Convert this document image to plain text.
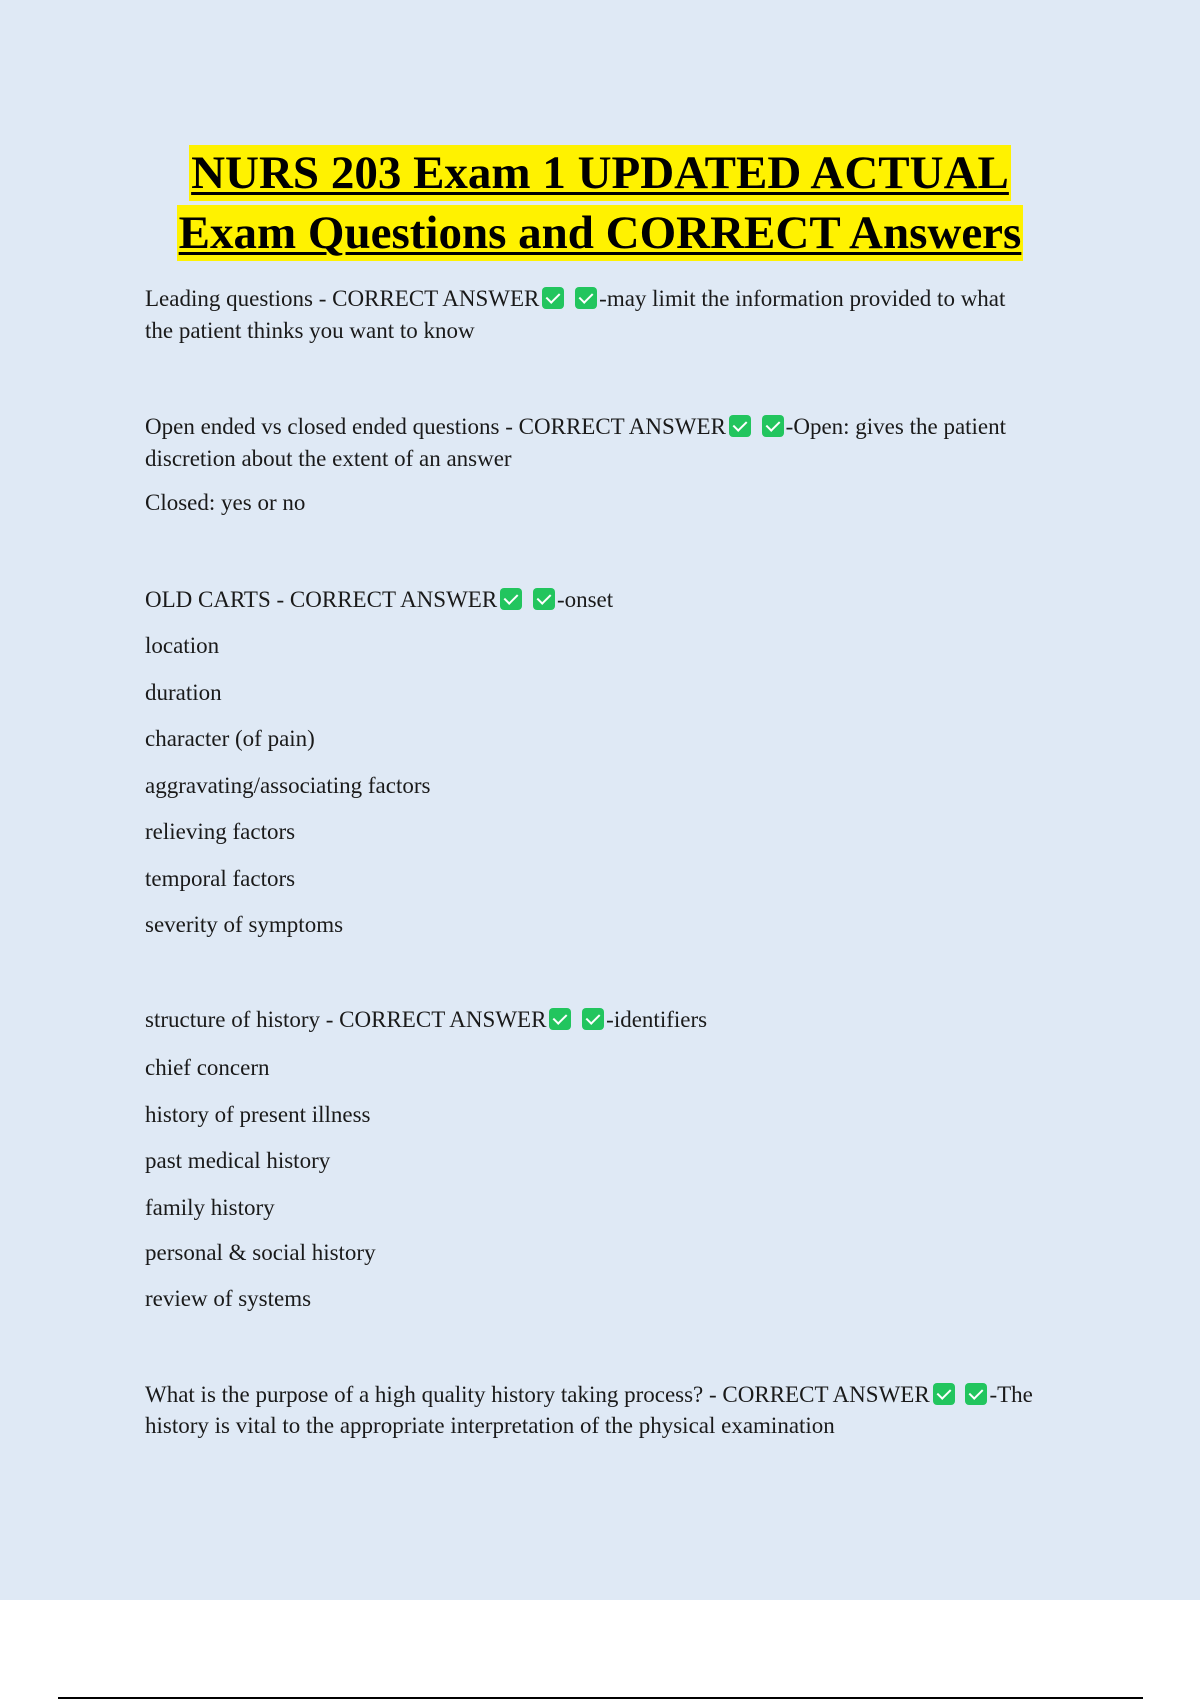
NURS 203 Exam 1 UPDATED ACTUAL
Exam Questions and CORRECT Answers
Leading questions - CORRECT ANSWER	-may limit the information provided to what
the patient thinks you want to know
Open ended vs closed ended questions - CORRECT ANSWER	-Open: gives the patient
discretion about the extent of an answer
Closed: yes or no
OLD CARTS - CORRECT ANSWER	-onset
location
duration
character (of pain)
aggravating/associating factors
relieving factors
temporal factors
severity of symptoms
structure of history - CORRECT ANSWER	-identifiers
chief concern
history of present illness
past medical history
family history
personal & social history
review of systems
What is the purpose of a high quality history taking process? - CORRECT ANSWER	-The
history is vital to the appropriate interpretation of the physical examination
